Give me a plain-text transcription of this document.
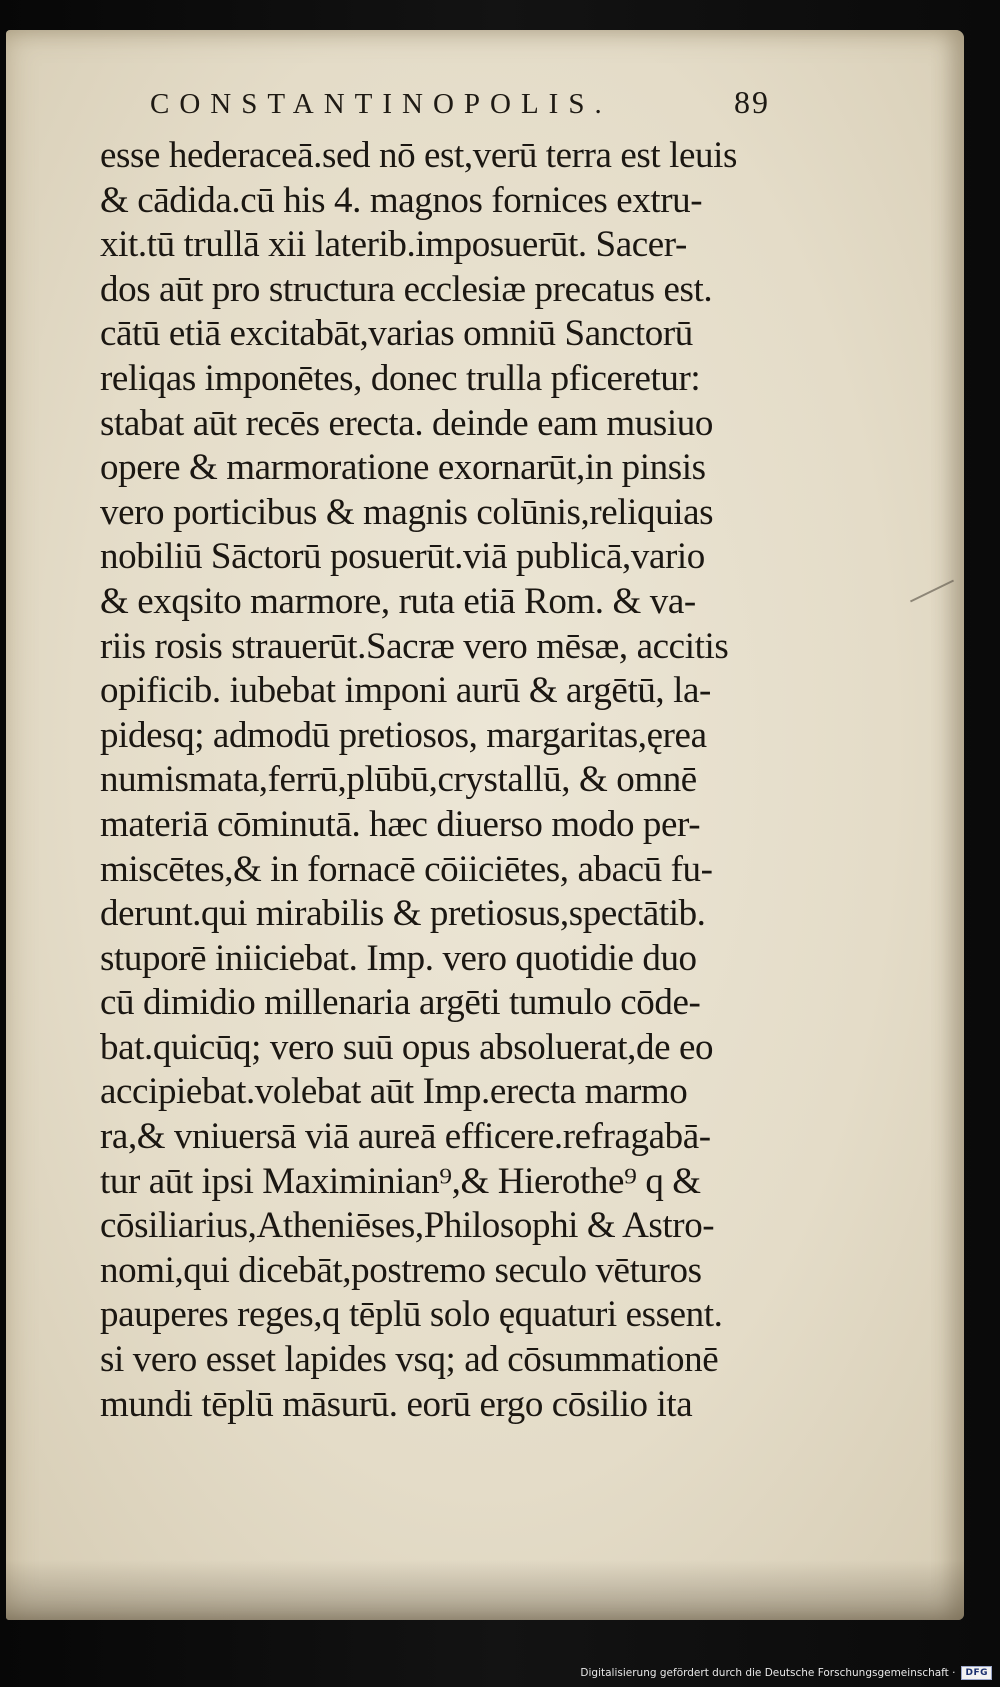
CONSTANTINOPOLIS.	89
esse hederaceā.sed nō est,verū terra est leuis
& cādida.cū his 4. magnos fornices extru-
xit.tū trullā xii laterib.imposuerūt. Sacer-
dos aūt pro structura ecclesiæ precatus est.
cātū etiā excitabāt,varias omniū Sanctorū
reliqas imponētes, donec trulla pficeretur:
stabat aūt recēs erecta. deinde eam musiuo
opere & marmoratione exornarūt,in pinsis
vero porticibus & magnis colūnis,reliquias
nobiliū Sāctorū posuerūt.viā publicā,vario
& exqsito marmore, ruta etiā Rom. & va-
riis rosis strauerūt.Sacræ vero mēsæ, accitis
opificib. iubebat imponi aurū & argētū, la-
pidesq; admodū pretiosos, margaritas,ęrea
numismata,ferrū,plūbū,crystallū, & omnē
materiā cōminutā. hæc diuerso modo per-
miscētes,& in fornacē cōiiciētes, abacū fu-
derunt.qui mirabilis & pretiosus,spectātib.
stuporē iniiciebat. Imp. vero quotidie duo
cū dimidio millenaria argēti tumulo cōde-
bat.quicūq; vero suū opus absoluerat,de eo
accipiebat.volebat aūt Imp.erecta marmo
ra,& vniuersā viā aureā efficere.refragabā-
tur aūt ipsi Maximinian⁹,& Hierothe⁹ q &
cōsiliarius,Atheniēses,Philosophi & Astro-
nomi,qui dicebāt,postremo seculo vēturos
pauperes reges,q tēplū solo ęquaturi essent.
si vero esset lapides vsq; ad cōsummationē
mundi tēplū māsurū. eorū ergo cōsilio ita
Digitalisierung gefördert durch die Deutsche Forschungsgemeinschaft ·	DFG
